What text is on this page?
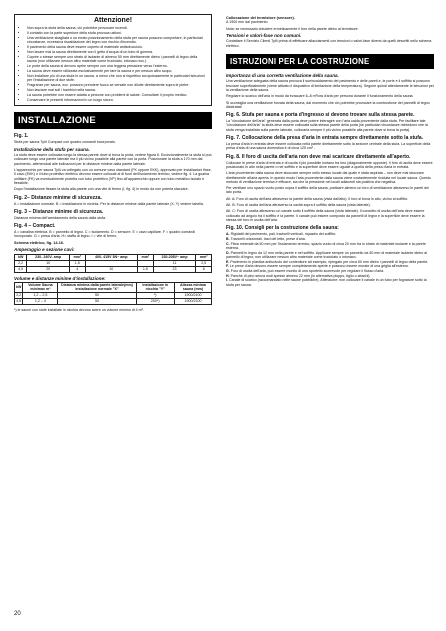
Attenzione!
• Non sopra la stufa della sauna, ciò potrebbe provocare incendi.
• Il contatto con la parte superiore della stufa provoca ustioni.
• Una ventilazione sbagliata o un errato posizionamento della stufa per sauna possono comportare, in particolari circostanze, eccessiva riscaldazione del legno con rischio d'incendio.
• Il pavimento della sauna deve essere coperto di materiale antisdrucciolo.
• Non lavare mai la sauna direttamente con il getto d'acqua di un tubo di gomma.
• Coprire o stesse sempre uno strato di isolante di almeno 50 mm direttamente dietro i pannelli di legno della sauna (non utilizzare nessun altro materiale come truciolato, intonaco ecc.).
• Le porte della sauna si devono aprire sempre con una leggera pressione verso l'esterno.
• La sauna deve essere utilizzata esclusivamente per fare la sauna e per nessun altro scopo.
• Non installare più di una stufa in un sauna, a meno che non si rispettino scrupolosamente le particolari istruzioni per l'installazione di due stufe.
• Fragranze per sauna, ecc. possono prendere fuoco se versate non diluite direttamente sopra le pietre.
• Non lasciare mai soli i bambini nella sauna.
• La sauna potrebbe non essere adatta a persone con problemi di salute. Consultare il proprio medico.
• Conservare le presenti informazioni in un luogo sicuro.
INSTALLAZIONE
Fig. 1.

Stufa per sauna Tylö Compact con quadro comandi incorporato.

Installazione della stufa per sauna.

La stufa deve essere collocata lungo la stessa parete dove si trova la porta, vedere figura 6. Eccezionalmente la stufa si può collocare lungo una parete laterale ma il più vicino possibile alla parete con la porta. Posizionare la stufa a 170 mm dal pavimento, attenendosi alle indicazioni per le distanze minime dalla parete laterale.

L'apparecchio per sauna Tylö va collegato con un comune cavo standard (FK oppure EKK), approvato per installazioni fisse. Il cavo (EKK) o il tubo protettivo elettrico devono essere collocati al di fuori dell'isolamento termico, vedere fig. 4. La guaina unifilare (FK) va eventualmente protetta con tubo protettivo (VP) fino all'apparecchio oppure con tubo metallico isolato e flessibile.

Dopo l'installazione fissare la stufa alla parete con una vite di fermo (I, fig. 4) in modo da non poterla staccare.

Fig. 2– Distanze minime di sicurezza.

A = installazione normale. B = installazione in nicchia. Per le distanze minime dalla parete laterale (X, Y) vedere tabella.

Fig. 3 – Distanze minime di sicurezza.

Distanza minima dell'arredamento della sauna dalla stufa.

Fig. 4 – Compact.

A = canalina elettrica. B = pannello di legno. C = isolamento. D = sensore. E = cavo capillare. F = quadro comandi incorporato. G = presa d'aria. H= staffa di legno. I = vite di fermo.

Schema elettrico, fig. 14-16.

Amperaggio e sezione cavi:
kW	230- 240V- amp	mm²	400- 415V 3N~ amp	mm²	230-208V~ amp	mm²
2,2	10	1,5			11	2,5
4,5	20	4	10	1,5	23	6
Volume e distanze minime d'installazione:
kW	Volume Sauna min/max m³	Distanza minima dalla parete laterale(mm) installazione normale "X"	installazione in nicchia "Y"	Altezza minima sauna (mm)
2,2	1,2 – 2,5	50	*)	1900/2100
4,5	1,2 – 4	50	200*)	1900/2100

*) le saune con stufe installate in nicchia devono avere un volume minimo di 4 m³.

Collocazione del termistore (sensore).

A 1900 mm dal pavimento.

Nota: se necessario chiudere ermeticamente il foro nella parete dietro al termistore.

Tensioni e valori-fase non comuni.

Contattare il Servizio Clienti Tylö prima di effettuare allacciamenti con tensioni o valori-fase diversi da quelli descritti nello schema elettrico.

ISTRUZIONI PER LA COSTRUZIONE
Importanza di una corretta ventilazione della sauna.

Una ventilazione adeguata della sauna provoca il surriscaldamento del pavimento e delle pareti e, le porte e il soffitto si possono bruciare superficialmente (viene attivato il dispositivo di limitazione della temperatura). Seguire quindi attentamente le istruzioni per la ventilazione della sauna.

Regolare lo scarico dell'aria in modo da evacuare 6–8 m³/ora d'aria per persona durante il funzionamento della sauna.

Si sconsiglia una ventilazione forzata della sauna, dal momento che ciò potrebbe provocare la combustione dei pannelli di legno disidratati.

Fig. 6. Stufa per sauna e porta d'ingresso si devono trovare sulla stessa parete.

La "circolazione dell'aria" generata dalla porta deve potere interagire con l'aria calda proveniente dalla stufa. Per facilitare tale "circolazione dell'aria" la stufa deve essere collocata sulla stessa parete della porta (se particolari circostanze richiedono che la stufa venga installata sulla parete laterale, collocarla sempre il più vicino possibile alla parete dove si trova la porta).

Fig. 7. Collocazione della presa d'aria in entrata sempre direttamente sotto la stufa.

La presa d'aria in entrata deve essere collocata nella parete direttamente sotto la sezione centrale della stufa. La superficie della presa d'aria di una sauna domestica è di circa 125 cm² .

Fig. 8. Il foro di uscita dell'aria non deve mai scaricare direttamente all'aperto.

Collocare le prese d'aria di entrata e di uscita il più possibile lontano tra loro (diagonalmente opposte). Il foro di uscita deve essere posizionato in alto nella parete o nel soffitto e la superficie deve essere uguale a quella della presa d'aria in entrata.

L'aria proveniente dalla sauna deve sboccare sempre nello stesso locale dal quale è stata aspirata – non deve mai sboccare direttamente all'aria aperta. In questo modo l'aria proveniente dalla sauna viene costantemente riciclata nel locale sauna. Questo metodo di ventilazione termica è efficace, sia che la pressione nei locali adiacenti sia positiva che negativa.

Per ventilare uno spazio vuoto posto sopra il soffitto della sauna, praticare almeno un foro di ventilazione attraverso le pareti dei lato porta.

Alt. A: Foro di uscita dell'aria attraverso la parete della sauna (vista dall'alto). Il foro si trova in alto, vicino al soffitto.

Alt. B: Foro di uscita dell'aria attraverso la cavità sopra il soffitto della sauna (vista laterale).

Alt. C: Foro di uscita attraverso un canale sotto il soffitto della sauna (vista laterale). Il condotto di uscita dell'aria deve essere collocato ad angolo tra il soffitto e la parete. Il canale può essere composto da pannelli di legno e la superficie deve essere la stessa del foro in uscita dell'aria.

Fig. 10. Consigli per la costruzione della sauna:
A. Rigidatti del pavimento, pali, travicelli verticali, riquadro del soffitto.
B. Travicelli orizzontali, travi del letto, prese d'aria.
C. Fibra minerale da 50 mm per l'isolamento termico, spazio vuoto di circa 20 mm tra lo strato di materiale isolante e la parete esterna.
D. Pannelli in legno da 12 mm nella parete e nel soffitto. Applicare sempre un pannello da 50 mm di materiale isolante dietro al pannello di legno; non utilizzare nessun altro materiale come truciolato o intonaco.
E. Pavimento in plastica antiscivolo del contenitore ad esempio, ripiegato per circa 50 mm dietro i pannelli di legno della parete.
F. Le prese d'aria devono essere sempre completamente aperte e possono essere murate di una griglia all'esterno.
G. Foro di uscita dell'aria, può essere munito di uno sportello scorrevole per regolare il flusso d'aria.
H. Panche di pino senza nodi spesse almeno 22 mm (in alternativa pioppo, tiglio o abachi).
I. Canale di scarico (raccomandato nelle saune pubbliche). Attenzione: non collocare il canale in un tubo per fognature sotto la stufa per sauna.
20
